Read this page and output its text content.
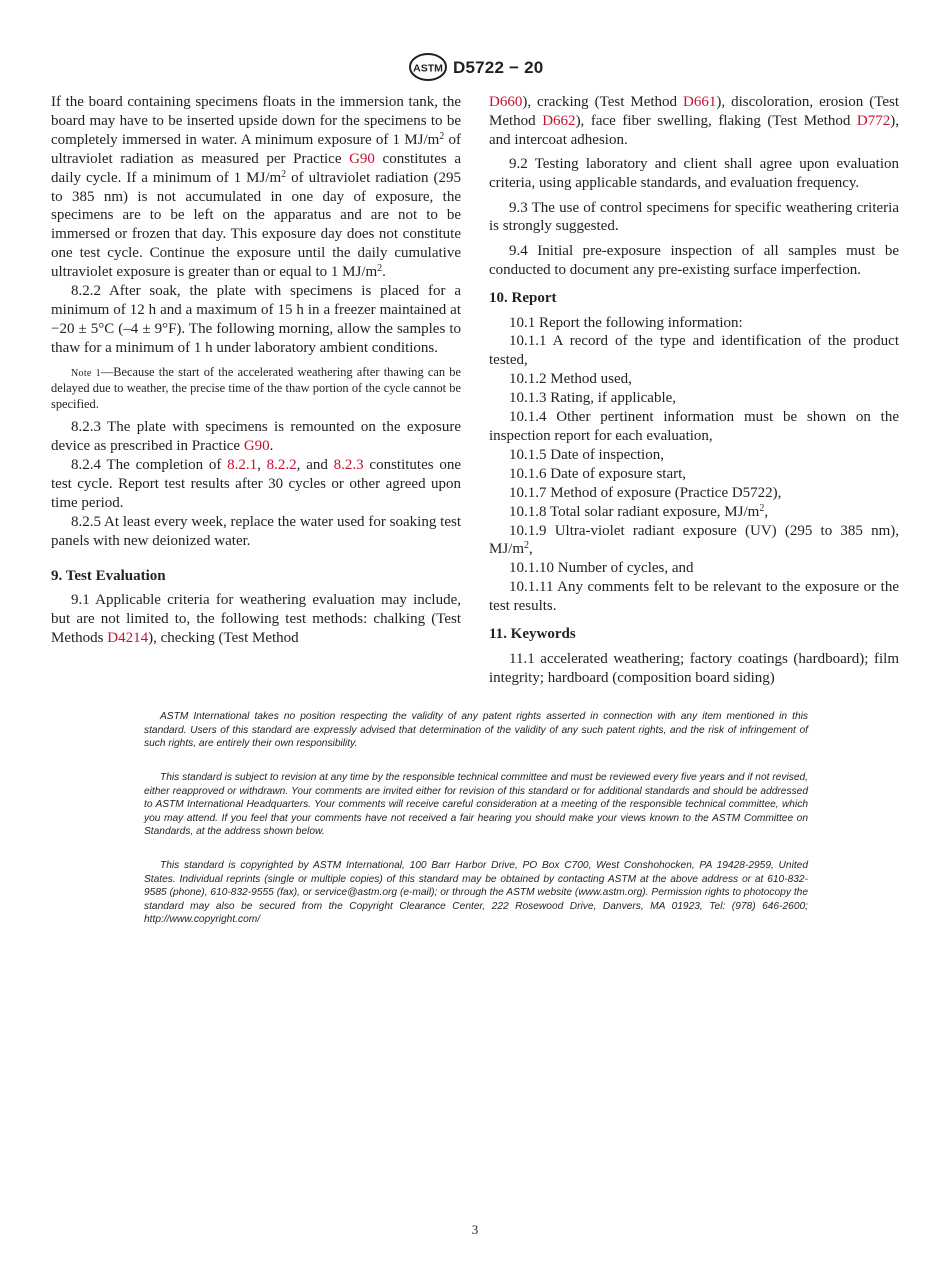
ASTM D5722 − 20

If the board containing specimens floats in the immersion tank, the board may have to be inserted upside down for the specimens to be completely immersed in water. A minimum exposure of 1 $MJ/m^2$ of ultraviolet radiation as measured per Practice G90 constitutes a daily cycle. If a minimum of 1 $MJ/m^2$ of ultraviolet radiation (295 to 385 nm) is not accumulated in one day of exposure, the specimens are to be left on the apparatus and are not to be immersed or frozen that day. This exposure day does not constitute one test cycle. Continue the exposure until the daily cumulative ultraviolet exposure is greater than or equal to 1 $MJ/m^2$.

8.2.2 After soak, the plate with specimens is placed for a minimum of 12 h and a maximum of 15 h in a freezer maintained at −20 ± 5°C (–4 ± 9°F). The following morning, allow the samples to thaw for a minimum of 1 h under laboratory ambient conditions.

Note 1—Because the start of the accelerated weathering after thawing can be delayed due to weather, the precise time of the thaw portion of the cycle cannot be specified.

8.2.3 The plate with specimens is remounted on the exposure device as prescribed in Practice G90.

8.2.4 The completion of 8.2.1, 8.2.2, and 8.2.3 constitutes one test cycle. Report test results after 30 cycles or other agreed upon time period.

8.2.5 At least every week, replace the water used for soaking test panels with new deionized water.

9. Test Evaluation

9.1 Applicable criteria for weathering evaluation may include, but are not limited to, the following test methods: chalking (Test Methods D4214), checking (Test Method

D660), cracking (Test Method D661), discoloration, erosion (Test Method D662), face fiber swelling, flaking (Test Method D772), and intercoat adhesion.

9.2 Testing laboratory and client shall agree upon evaluation criteria, using applicable standards, and evaluation frequency.

9.3 The use of control specimens for specific weathering criteria is strongly suggested.

9.4 Initial pre-exposure inspection of all samples must be conducted to document any pre-existing surface imperfection.

10. Report

10.1 Report the following information:

10.1.1 A record of the type and identification of the product tested,

10.1.2 Method used,

10.1.3 Rating, if applicable,

10.1.4 Other pertinent information must be shown on the inspection report for each evaluation,

10.1.5 Date of inspection,

10.1.6 Date of exposure start,

10.1.7 Method of exposure (Practice D5722),

10.1.8 Total solar radiant exposure, $MJ/m^2$,

10.1.9 Ultra-violet radiant exposure (UV) (295 to 385 nm), $MJ/m^2$,

10.1.10 Number of cycles, and

10.1.11 Any comments felt to be relevant to the exposure or the test results.

11. Keywords

11.1 accelerated weathering; factory coatings (hardboard); film integrity; hardboard (composition board siding)

ASTM International takes no position respecting the validity of any patent rights asserted in connection with any item mentioned in this standard. Users of this standard are expressly advised that determination of the validity of any such patent rights, and the risk of infringement of such rights, are entirely their own responsibility.

This standard is subject to revision at any time by the responsible technical committee and must be reviewed every five years and if not revised, either reapproved or withdrawn. Your comments are invited either for revision of this standard or for additional standards and should be addressed to ASTM International Headquarters. Your comments will receive careful consideration at a meeting of the responsible technical committee, which you may attend. If you feel that your comments have not received a fair hearing you should make your views known to the ASTM Committee on Standards, at the address shown below.

This standard is copyrighted by ASTM International, 100 Barr Harbor Drive, PO Box C700, West Conshohocken, PA 19428-2959, United States. Individual reprints (single or multiple copies) of this standard may be obtained by contacting ASTM at the above address or at 610-832-9585 (phone), 610-832-9555 (fax), or service@astm.org (e-mail); or through the ASTM website (www.astm.org). Permission rights to photocopy the standard may also be secured from the Copyright Clearance Center, 222 Rosewood Drive, Danvers, MA 01923, Tel: (978) 646-2600; http://www.copyright.com/

3
